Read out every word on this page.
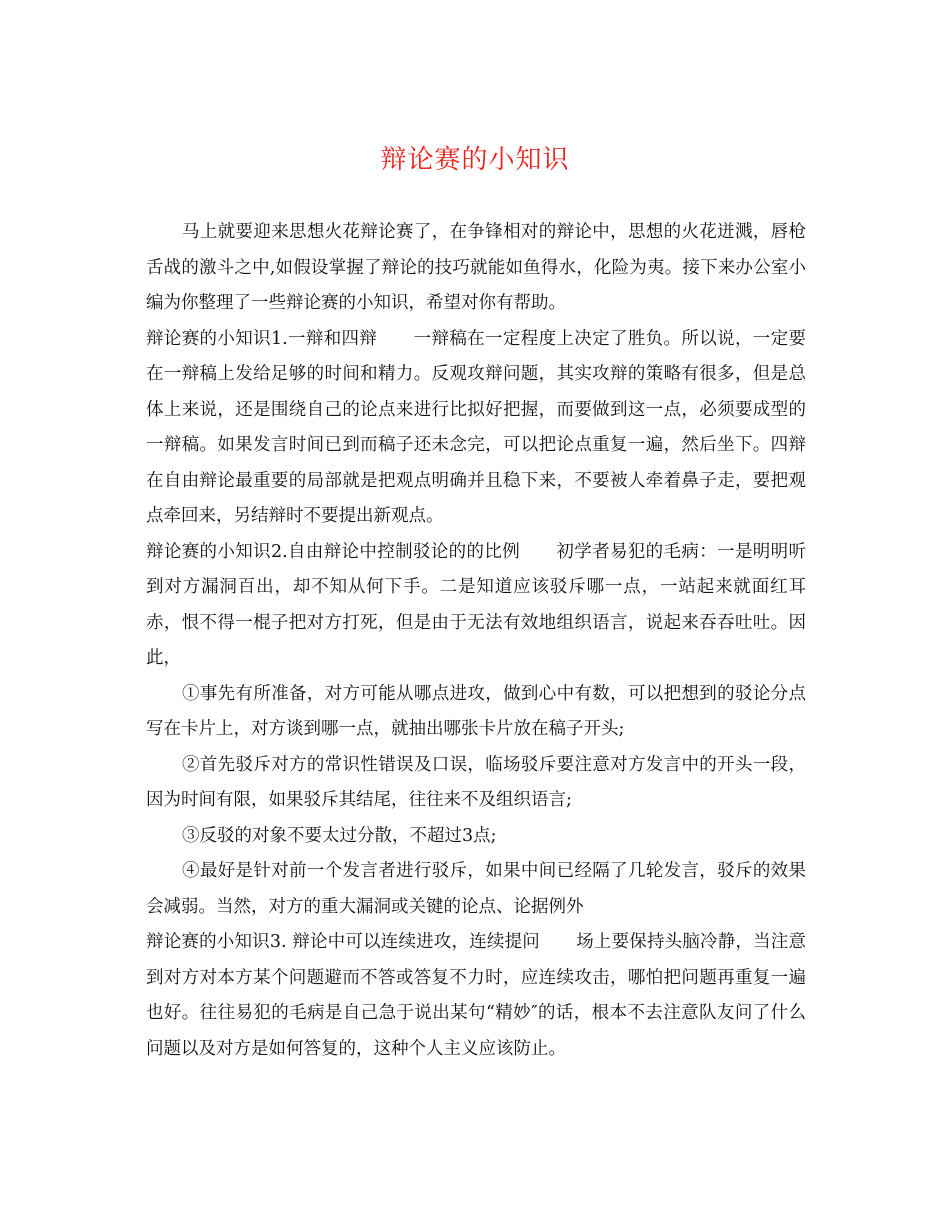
辩论赛的小知识

马上就要迎来思想火花辩论赛了，在争锋相对的辩论中，思想的火花迸溅，唇枪舌战的激斗之中,如假设掌握了辩论的技巧就能如鱼得水，化险为夷。接下来办公室小编为你整理了一些辩论赛的小知识，希望对你有帮助。

辩论赛的小知识1.一辩和四辩 一辩稿在一定程度上决定了胜负。所以说，一定要在一辩稿上发给足够的时间和精力。反观攻辩问题，其实攻辩的策略有很多，但是总体上来说，还是围绕自己的论点来进行比拟好把握，而要做到这一点，必须要成型的一辩稿。如果发言时间已到而稿子还未念完，可以把论点重复一遍，然后坐下。四辩在自由辩论最重要的局部就是把观点明确并且稳下来，不要被人牵着鼻子走，要把观点牵回来，另结辩时不要提出新观点。

辩论赛的小知识2.自由辩论中控制驳论的的比例 初学者易犯的毛病：一是明明听到对方漏洞百出，却不知从何下手。二是知道应该驳斥哪一点，一站起来就面红耳赤，恨不得一棍子把对方打死，但是由于无法有效地组织语言，说起来吞吞吐吐。因此，

①事先有所准备，对方可能从哪点进攻，做到心中有数，可以把想到的驳论分点写在卡片上，对方谈到哪一点，就抽出哪张卡片放在稿子开头;

②首先驳斥对方的常识性错误及口误，临场驳斥要注意对方发言中的开头一段，因为时间有限，如果驳斥其结尾，往往来不及组织语言;

③反驳的对象不要太过分散，不超过3点;

④最好是针对前一个发言者进行驳斥，如果中间已经隔了几轮发言，驳斥的效果会减弱。当然，对方的重大漏洞或关键的论点、论据例外

辩论赛的小知识3. 辩论中可以连续进攻，连续提问 场上要保持头脑冷静，当注意到对方对本方某个问题避而不答或答复不力时，应连续攻击，哪怕把问题再重复一遍也好。往往易犯的毛病是自己急于说出某句“精妙″的话，根本不去注意队友问了什么问题以及对方是如何答复的，这种个人主义应该防止。
